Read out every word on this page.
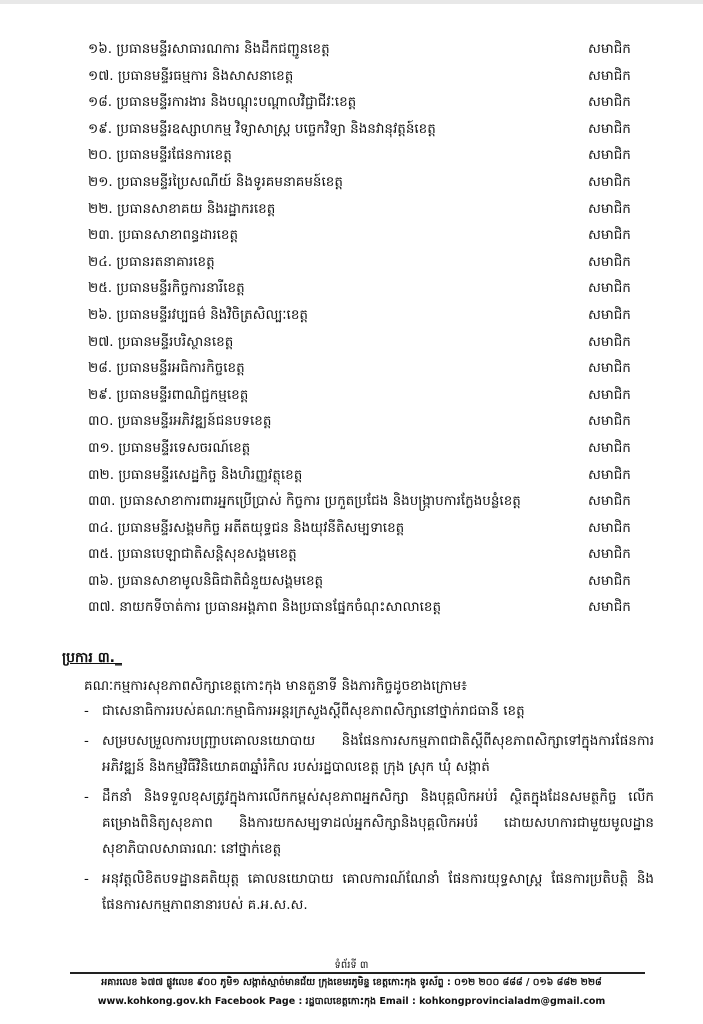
១៦. ប្រធានមន្ទីរសាធារណការ និងដឹកជញ្ជូនខេត្ត	សមាជិក
១៧. ប្រធានមន្ទីរធម្មការ និងសាសនាខេត្ត	សមាជិក
១៨. ប្រធានមន្ទីរការងារ និងបណ្តុះបណ្តាលវិជ្ជាជីវៈខេត្ត	សមាជិក
១៩. ប្រធានមន្ទីរឧស្សាហកម្ម វិទ្យាសាស្ត្រ បច្ចេកវិទ្យា និងនវានុវត្តន៍ខេត្ត	សមាជិក
២០. ប្រធានមន្ទីរផែនការខេត្ត	សមាជិក
២១. ប្រធានមន្ទីរប្រៃសណីយ៍ និងទូរគមនាគមន៍ខេត្ត	សមាជិក
២២. ប្រធានសាខាគយ និងរដ្ឋាករខេត្ត	សមាជិក
២៣. ប្រធានសាខាពន្ធដារខេត្ត	សមាជិក
២៤. ប្រធានរតនាគារខេត្ត	សមាជិក
២៥. ប្រធានមន្ទីរកិច្ចការនារីខេត្ត	សមាជិក
២៦. ប្រធានមន្ទីរវប្បធម៌ និងវិចិត្រសិល្បៈខេត្ត	សមាជិក
២៧. ប្រធានមន្ទីរបរិស្ថានខេត្ត	សមាជិក
២៨. ប្រធានមន្ទីរអធិការកិច្ចខេត្ត	សមាជិក
២៩. ប្រធានមន្ទីរពាណិជ្ជកម្មខេត្ត	សមាជិក
៣០. ប្រធានមន្ទីរអភិវឌ្ឍន៍ជនបទខេត្ត	សមាជិក
៣១. ប្រធានមន្ទីរទេសចរណ៍ខេត្ត	សមាជិក
៣២. ប្រធានមន្ទីរសេដ្ឋកិច្ច និងហិរញ្ញវត្ថុខេត្ត	សមាជិក
៣៣. ប្រធានសាខាការពារអ្នកប្រើប្រាស់ កិច្ចការ ប្រកួតប្រជែង និងបង្ក្រាបការក្លែងបន្លំខេត្ត	សមាជិក
៣៤. ប្រធានមន្ទីរសង្គមកិច្ច អតីតយុទ្ធជន និងយុវនីតិសម្បទាខេត្ត	សមាជិក
៣៥. ប្រធានបេឡាជាតិសន្តិសុខសង្គមខេត្ត	សមាជិក
៣៦. ប្រធានសាខាមូលនិធិជាតិជំនួយសង្គមខេត្ត	សមាជិក
៣៧. នាយកទីចាត់ការ ប្រធានអង្គភាព និងប្រធានផ្នែកចំណុះសាលាខេត្ត	សមាជិក
ប្រការ ៣._
គណៈកម្មការសុខភាពសិក្សាខេត្តកោះកុង មានតួនាទី និងភារកិច្ចដូចខាងក្រោម៖
- ជាសេនាធិការរបស់គណៈកម្មាធិការអន្តរក្រសួងស្តីពីសុខភាពសិក្សានៅថ្នាក់រាជធានី ខេត្ត
- សម្របសម្រួលការបញ្ជ្រាបគោលនយោបាយ និងផែនការសកម្មភាពជាតិស្តីពីសុខភាពសិក្សាទៅក្នុងការផែនការអភិវឌ្ឍន៍ និងកម្មវិធីវិនិយោគ៣ឆ្នាំរំកិល របស់រដ្ឋបាលខេត្ត ក្រុង ស្រុក ឃុំ សង្កាត់
- ដឹកនាំ និងទទួលខុសត្រូវក្នុងការលើកកម្ពស់សុខភាពអ្នកសិក្សា និងបុគ្គលិកអប់រំ ស្ថិតក្នុងដែនសមត្ថកិច្ច លើកគម្រោងពិនិត្យសុខភាព និងការយកសម្បទាដល់អ្នកសិក្សានិងបុគ្គលិកអប់រំ ដោយសហការជាមួយមូលដ្ឋានសុខាភិបាលសាធារណៈ នៅថ្នាក់ខេត្ត
- អនុវត្តលិខិតបទដ្ឋានគតិយុត្ត គោលនយោបាយ គោលការណ៍ណែនាំ ផែនការយុទ្ធសាស្ត្រ ផែនការប្រតិបត្តិ និងផែនការសកម្មភាពនានារបស់ គ.អ.ស.ស.
ទំព័រទី ៣
អគារលេខ ៦៧៧ ផ្លូវលេខ ៩០០ ភូមិ១ សង្កាត់ស្មាច់មានជ័យ ក្រុងខេមរភូមិន្ទ ខេត្តកោះកុង ទូរស័ព្ទ : ០១២ ២០០ ៨៨៨ / ០១៦ ៨៨២ ២២៨
www.kohkong.gov.kh Facebook Page : រដ្ឋបាលខេត្តកោះកុង Email : kohkongprovincialadm@gmail.com
